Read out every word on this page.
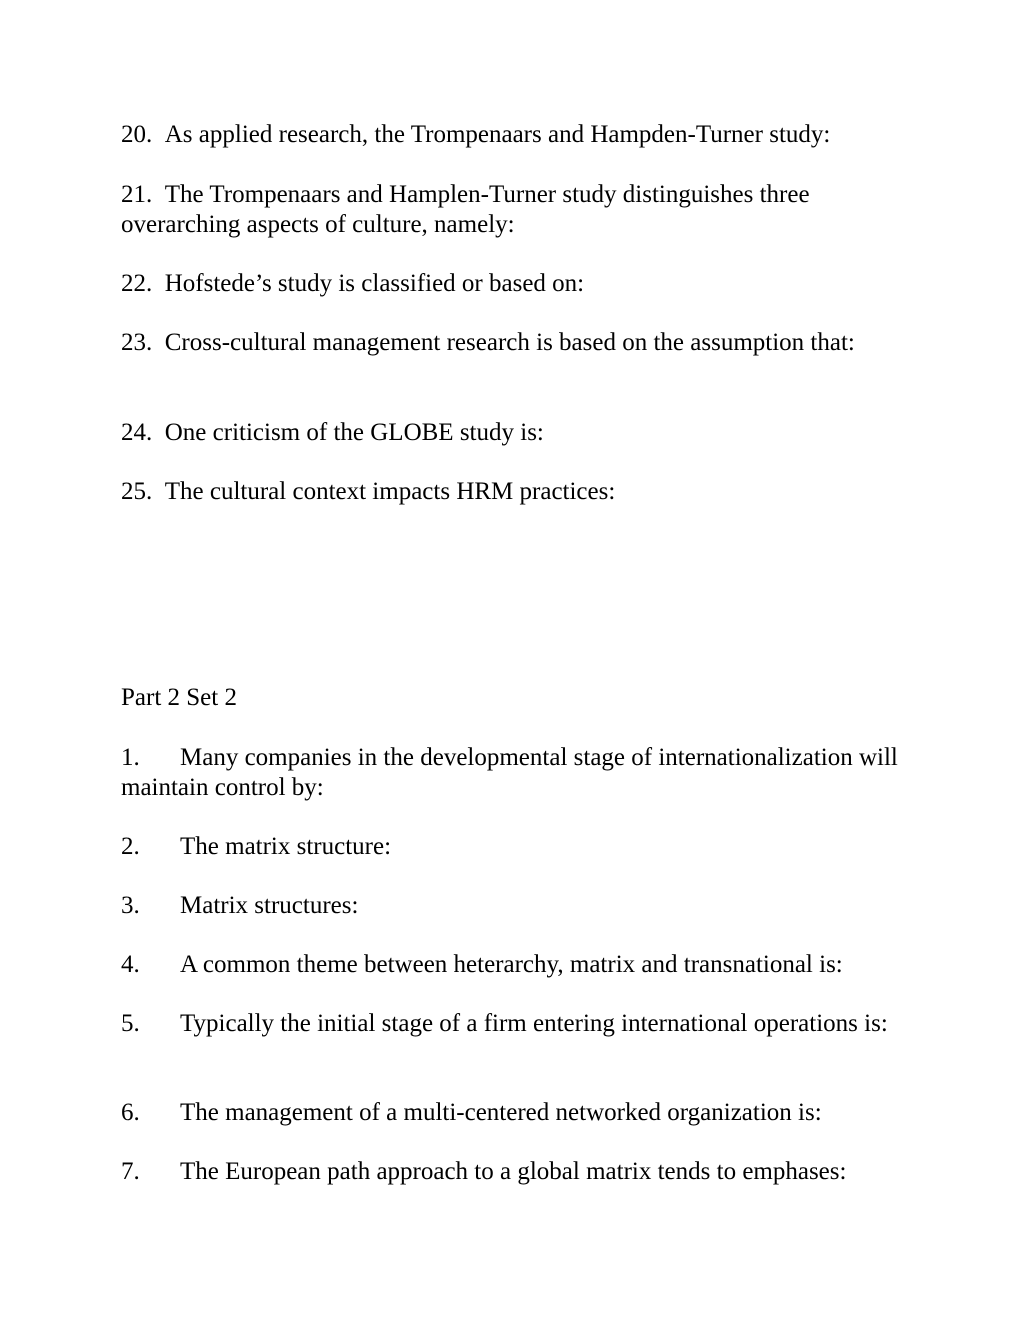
20. As applied research, the Trompenaars and Hampden-Turner study:

21. The Trompenaars and Hamplen-Turner study distinguishes three overarching aspects of culture, namely:

22. Hofstede’s study is classified or based on:

23. Cross-cultural management research is based on the assumption that:

24. One criticism of the GLOBE study is:

25. The cultural context impacts HRM practices:

Part 2 Set 2

1. Many companies in the developmental stage of internationalization will maintain control by:

2. The matrix structure:

3. Matrix structures:

4. A common theme between heterarchy, matrix and transnational is:

5. Typically the initial stage of a firm entering international operations is:

6. The management of a multi-centered networked organization is:

7. The European path approach to a global matrix tends to emphases:
